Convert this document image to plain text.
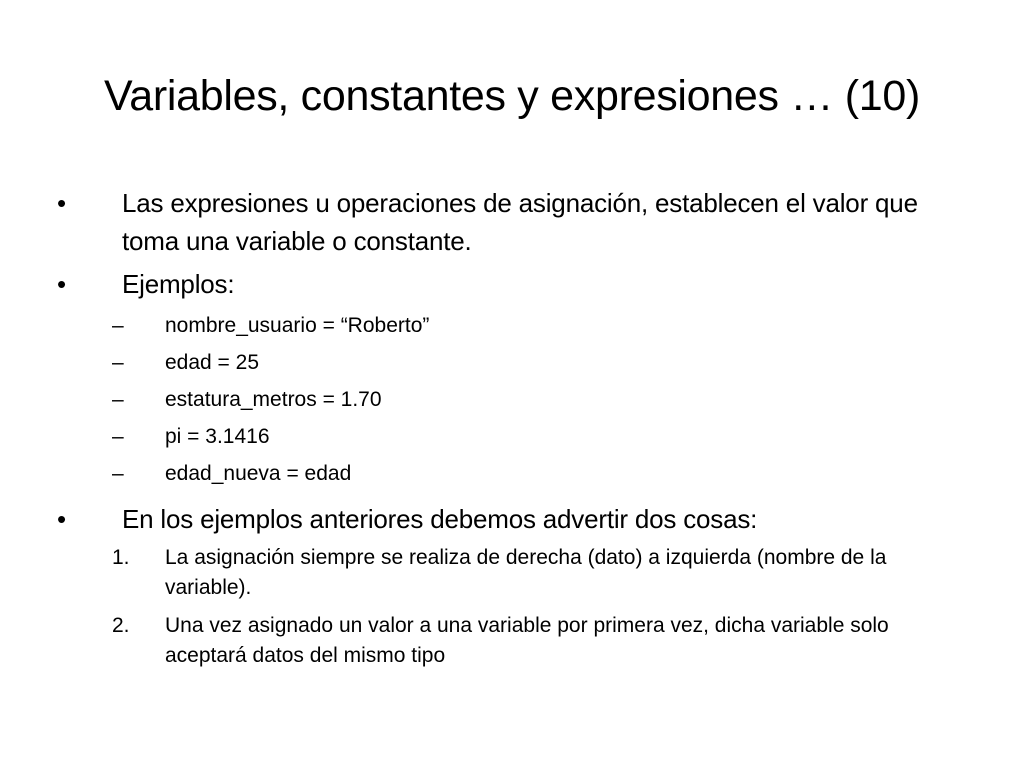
Variables, constantes y expresiones … (10)
•	Las expresiones u operaciones de asignación, establecen el valor que toma una variable o constante.
•	Ejemplos:
–	nombre_usuario = “Roberto”
–	edad = 25
–	estatura_metros = 1.70
–	pi = 3.1416
–	edad_nueva = edad
•	En los ejemplos anteriores debemos advertir dos cosas:
1.	La asignación siempre se realiza de derecha (dato) a izquierda (nombre de la variable).
2.	Una vez asignado un valor a una variable por primera vez, dicha variable solo aceptará datos del mismo tipo
